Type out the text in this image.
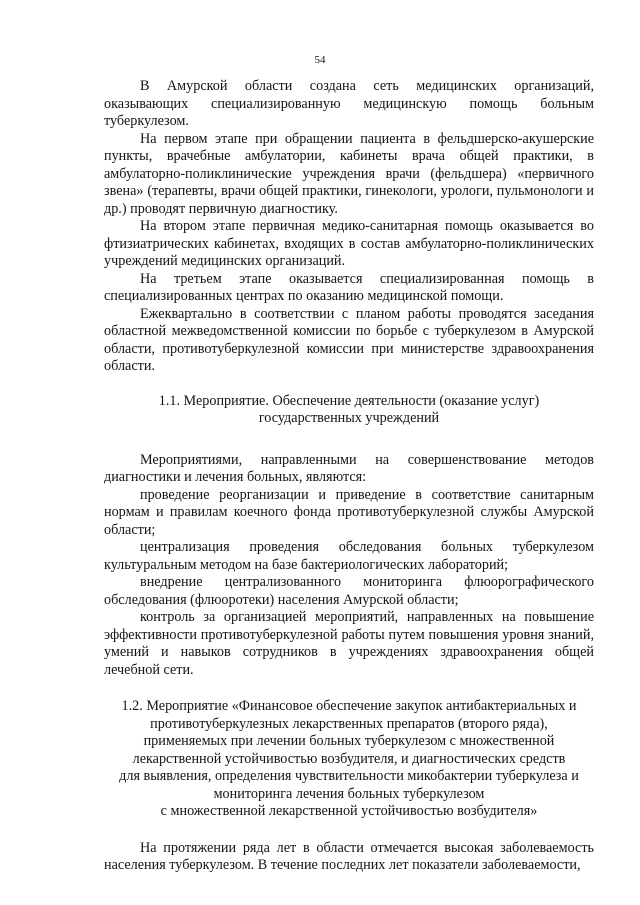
54

В Амурской области создана сеть медицинских организаций, оказывающих специализированную медицинскую помощь больным туберкулезом.

На первом этапе при обращении пациента в фельдшерско-акушерские пункты, врачебные амбулатории, кабинеты врача общей практики, в амбулаторно-поликлинические учреждения врачи (фельдшера) «первичного звена» (терапевты, врачи общей практики, гинекологи, урологи, пульмонологи и др.) проводят первичную диагностику.

На втором этапе первичная медико-санитарная помощь оказывается во фтизиатрических кабинетах, входящих в состав амбулаторно-поликлинических учреждений медицинских организаций.

На третьем этапе оказывается специализированная помощь в специализированных центрах по оказанию медицинской помощи.

Ежеквартально в соответствии с планом работы проводятся заседания областной межведомственной комиссии по борьбе с туберкулезом в Амурской области, противотуберкулезной комиссии при министерстве здравоохранения области.

1.1. Мероприятие. Обеспечение деятельности (оказание услуг)

государственных учреждений

Мероприятиями, направленными на совершенствование методов диагностики и лечения больных, являются:

проведение реорганизации и приведение в соответствие санитарным нормам и правилам коечного фонда противотуберкулезной службы Амурской области;

централизация проведения обследования больных туберкулезом культуральным методом на базе бактериологических лабораторий;

внедрение централизованного мониторинга флюорографического обследования (флюоротеки) населения Амурской области;

контроль за организацией мероприятий, направленных на повышение эффективности противотуберкулезной работы путем повышения уровня знаний, умений и навыков сотрудников в учреждениях здравоохранения общей лечебной сети.

1.2. Мероприятие «Финансовое обеспечение закупок антибактериальных и

противотуберкулезных лекарственных препаратов (второго ряда),

применяемых при лечении больных туберкулезом с множественной

лекарственной устойчивостью возбудителя, и диагностических средств

для выявления, определения чувствительности микобактерии туберкулеза и

мониторинга лечения больных туберкулезом

с множественной лекарственной устойчивостью возбудителя»

На протяжении ряда лет в области отмечается высокая заболеваемость населения туберкулезом. В течение последних лет показатели заболеваемости,
